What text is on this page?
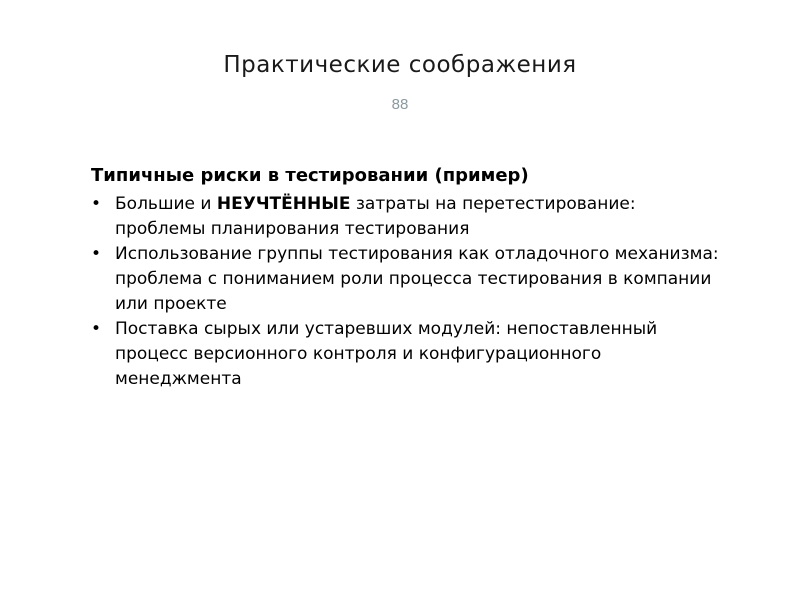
Практические соображения
88
Типичные риски в тестировании (пример)
• Большие и НЕУЧТЁННЫЕ затраты на перетестирование: проблемы планирования тестирования
• Использование группы тестирования как отладочного механизма: проблема с пониманием роли процесса тестирования в компании или проекте
• Поставка сырых или устаревших модулей: непоставленный процесс версионного контроля и конфигурационного менеджмента
